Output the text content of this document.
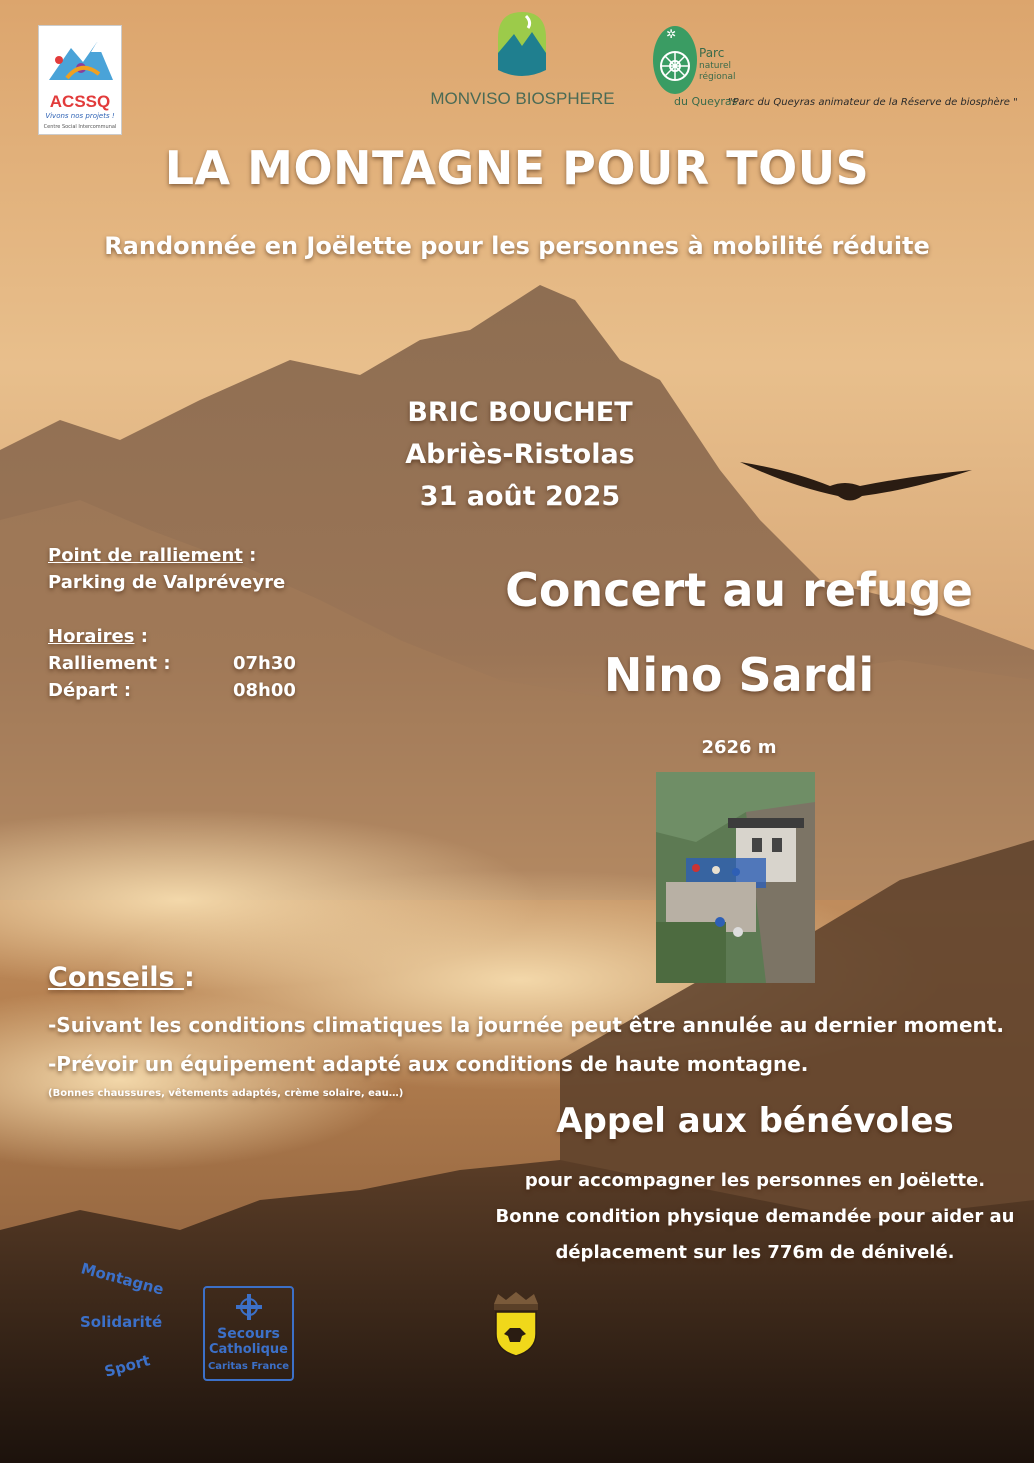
ACSSQ
Vivons nos projets !
Centre Social Intercommunal
MONVISO BIOSPHERE
✲
Parc
naturel
régional
du Queyras
"Parc du Queyras animateur de la Réserve de biosphère "
LA MONTAGNE POUR TOUS
Randonnée en Joëlette pour les personnes à mobilité réduite
BRIC BOUCHET
Abriès-Ristolas
31 août 2025
Point de ralliement :
Parking de Valpréveyre
Horaires :
Ralliement :	07h30
Départ :	08h00
Concert au refuge
Nino Sardi
2626 m
Conseils :
-Suivant les conditions climatiques la journée peut être annulée au dernier moment.
-Prévoir un équipement adapté aux conditions de haute montagne.
(Bonnes chaussures, vêtements adaptés, crème solaire, eau…)
Appel aux bénévoles
pour accompagner les personnes en Joëlette.
Bonne condition physique demandée pour aider au
déplacement sur les 776m de dénivelé.
Montagne
Solidarité
Sport
Secours
Catholique
Caritas France
